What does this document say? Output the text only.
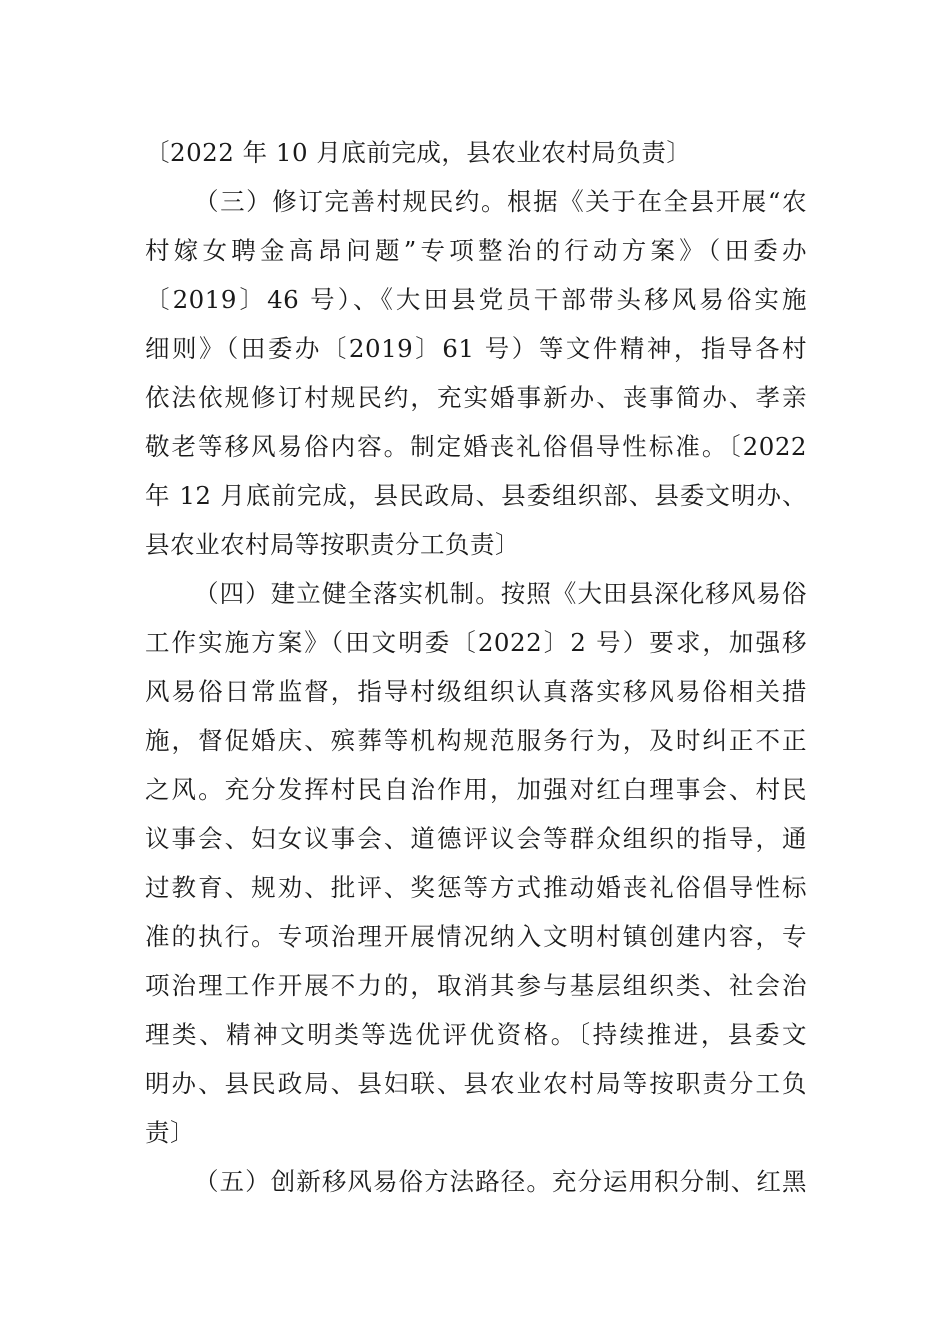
〔2022 年 10 月底前完成，县农业农村局负责〕
（三）修订完善村规民约。根据《关于在全县开展“农
村嫁女聘金高昂问题”专项整治的行动方案》（田委办
〔2019〕46 号）、《大田县党员干部带头移风易俗实施
细则》（田委办〔2019〕61 号）等文件精神，指导各村
依法依规修订村规民约，充实婚事新办、丧事简办、孝亲
敬老等移风易俗内容。制定婚丧礼俗倡导性标准。〔2022
年 12 月底前完成，县民政局、县委组织部、县委文明办、
县农业农村局等按职责分工负责〕
（四）建立健全落实机制。按照《大田县深化移风易俗
工作实施方案》（田文明委〔2022〕2 号）要求，加强移
风易俗日常监督，指导村级组织认真落实移风易俗相关措
施，督促婚庆、殡葬等机构规范服务行为，及时纠正不正
之风。充分发挥村民自治作用，加强对红白理事会、村民
议事会、妇女议事会、道德评议会等群众组织的指导，通
过教育、规劝、批评、奖惩等方式推动婚丧礼俗倡导性标
准的执行。专项治理开展情况纳入文明村镇创建内容，专
项治理工作开展不力的，取消其参与基层组织类、社会治
理类、精神文明类等选优评优资格。〔持续推进，县委文
明办、县民政局、县妇联、县农业农村局等按职责分工负
责〕
（五）创新移风易俗方法路径。充分运用积分制、红黑
